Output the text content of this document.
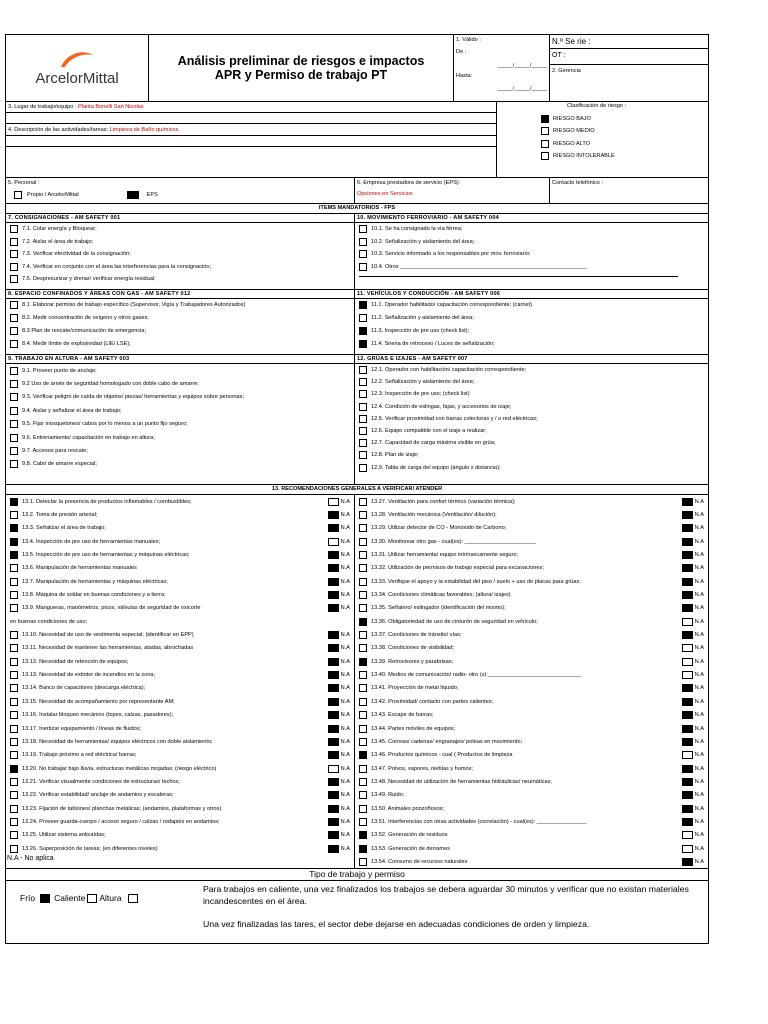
ArcelorMittal
Análisis preliminar de riesgos e impactos
APR y Permiso de trabajo PT
1. Válido :
De :
_____/_____/_____
Hasta:
_____/_____/_____
N.º Se rie :
OT :
2. Gerencia
3. Lugar de trabajo/equipo : Planta Bonelli San Nicolas
4. Descripción de las actividades/tareas: Limpieza de Baño químicos
Clasificación de riesgo :
RIESGO BAJO
RIESGO MEDIO
RIESGO ALTO
RIESGO INTOLERABLE
5. Personal :
Propio / ArcelorMittal	EPS
6. Empresa prestadora de servicio (EPS):
Opciones en Servicios
Contacto telefónico :
ITEMS MANDATORIOS - FPS
7. CONSIGNACIONES - AM SAFETY 001
7.1. Colar energía y Bloquear;
7.2. Aislar el área de trabajo;
7.3. Verificar efectividad de la consignación;
7.4. Verificar en conjunto con el área las interferencias para la consignación;
7.5. Despresurizar y drenar/ verificar energía residual;
10. MOVIMIENTO FERROVIARIO - AM SAFETY 004
10.1. Se ha consignado la vía férrea;
10.2. Señalización y aislamiento del área;
10.3. Servicio informado a los responsables por mov. ferroviario;
10.4. Otros ____________________________________________________________
8. ESPACIO CONFINADOS Y ÁREAS CON GAS - AM SAFETY 012
8.1. Elaborar permiso de trabajo específico (Supervisor, Vigía y Trabajadores Autorizados)
8.2. Medir concentración de oxígeno y otros gases;
8.3 Plan de rescate/comunicación de emergencia;
8.4. Medir límite de explosividad (LIE/ LSE);
11. VEHÍCULOS Y CONDUCCIÓN - AM SAFETY 006
11.1. Operador habilitado/ capacitación correspondiente; (carnet)
11.2. Señalización y aislamiento del área;
11.3. Inspección de pre uso (check list);
11.4. Sirena de retroceso / Luces de señalización;
9. TRABAJO EN ALTURA - AM SAFETY 003
9.1. Proveer punto de anclaje;
9.2 Uso de arnés de seguridad homologado con doble cabo de amarre;
9.3. Verificar peligro de caída de objetos/ piezas/ herramientas y equipos sobre personas;
9.4. Aislar y señalizar el área de trabajo;
9.5. Fijar mosquetones/ cabos por lo menos a un punto fijo seguro;
9.6. Entrenamiento/ capacitación en trabajo en altura;
9.7. Accesos para rescate;
9.8. Cabo de amarre especial;
12. GRÚAS E IZAJES - AM SAFETY 007
12.1. Operador con habilitación/ capacitación correspondiente;
12.2. Señalización y aislamiento del área;
12.3. Inspección de pre uso; (check list)
12.4. Condición de eslingas, fajas, y accesorios de izaje;
12.5. Verificar proximidad con barras colectoras y / o red eléctricas;
12.6. Equipo compatible con el izaje a realizar;
12.7. Capacidad de carga máxima visible en grúa;
12.8. Plan de izaje;
12.9. Tabla de carga del equipo (ángulo x distancia);
13. RECOMENDACIONES GENERALES A VERIFICAR/ ATENDER
13.1. Detectar la presencia de productos inflamables / combustibles;	N.A
13.2. Toma de presión arterial;	N.A
13.3. Señalizar el área de trabajo;	N.A
13.4. Inspección de pre uso de herramientas manuales;	N.A
13.5. Inspección de pre uso de herramientas y máquinas eléctricas;	N.A
13.6. Manipulación de herramientas manuales	N.A
13.7. Manipulación de herramientas y máquinas eléctricas;	N.A
13.8. Máquina de soldar en buenas condiciones y a tierra;	N.A
13.9. Mangueras, manómetros, picos, válvulas de seguridad de oxicorte	N.A
en buenas condiciones de uso;
13.10. Necesidad de uso de vestimenta especial; (identificar en EPP)	N.A
13.11. Necesidad de mantener las herramientas, atadas, abrochadas	N.A
13.12. Necesidad de retención de equipos;	N.A
13.13. Necesidad de extintor de incendios en la zona;	N.A
13.14. Banco de capacitores (descarga eléctrica);	N.A
13.15. Necesidad de acompañamiento por representante AM;	N.A
13.16. Instalar bloqueo mecánico (topes, calzas, pasadores);	N.A
13.17. Inertizar equipamiento / líneas de fluidos;	N.A
13.18. Necesidad de herramientas/ equipos eléctricos con doble aislamiento;	N.A
13.19. Trabajo próximo a red eléctrica/ barras;	N.A
13.20. No trabajar bajo lluvia, estructuras metálicas mojadas; (riesgo eléctrico)	N.A
13.21. Verificar visualmente condiciones de estructuras/ techos;	N.A
13.22. Verificar estabilidad/ anclaje de andamios y escaleras;	N.A
13.23. Fijación de tablones/ planchas metálicas; (andamios, plataformas y otros)	N.A
13.24. Proveer guarda-cuerpo / acceso seguro / calzas / rodapiés en andamios;	N.A
13.25. Utilizar sistema anticaídas;	N.A
13.26. Superposición de tareas; (en diferentes niveles)	N.A
N.A - No aplica
13.27. Ventilación para confort térmico (variación térmica);	N.A
13.28. Ventilación mecánica (Ventilación/ dilución);	N.A
13.29. Utilizar detector de CO - Monóxido de Carbono;	N.A
13.30. Monitorear otro gas - cual(es): _______________________	N.A
13.31. Utilizar herramienta/ equipo intrínsecamente seguro;	N.A
13.32. Utilización de permisos de trabajo especial para excavaciones;	N.A
13.33. Verifique el apoyo y la estabilidad del piso / suelo + uso de placas para grúas;	N.A
13.34. Condiciones climáticas favorables; (altura/ izajes)	N.A
13.35. Señalero/ eslingador (identificación del mismo);	N.A
13.36. Obligatoriedad de uso de cinturón de seguridad en vehículo;	N.A
13.37. Condiciones de tránsito/ vías;	N.A
13.38. Condiciones de visibilidad;	N.A
13.39. Retrovisores y parabrisas;	N.A
13.40. Medios de comunicación/ radio- otro (s):______________________________	N.A
13.41. Proyección de metal líquido;	N.A
13.42. Proximidad/ contacto con partes calientes;	N.A
13.43. Escape de barras;	N.A
13.44. Partes móviles de equipos;	N.A
13.45. Correas/ cadenas/ engranajes/ poleas en movimiento;	N.A
13.46. Productos químicos - cual ( Productos de limpieza	N.A
13.47. Polvos, vapores, nieblas y humos;	N.A
13.48. Necesidad de utilización de herramientas hidráulicas/ neumáticas;	N.A
13.49. Ruido;	N.A
13.50. Animales ponzoñosos;	N.A
13.51. Interferencias con otras actividades (correlación) - cual(es): ________________	N.A
13.52. Generación de residuos	N.A
13.53. Generación de derrames	N.A
13.54. Consumo de recursos naturales	N.A
Tipo de trabajo y permiso
Frío Caliente Altura
Para trabajos en caliente, una vez finalizados los trabajos se debera aguardar 30 minutos y verificar que no existan materiales incandescentes en el área.
Una vez finalizadas las tares, el sector debe dejarse en adecuadas condiciones de orden y limpieza.
